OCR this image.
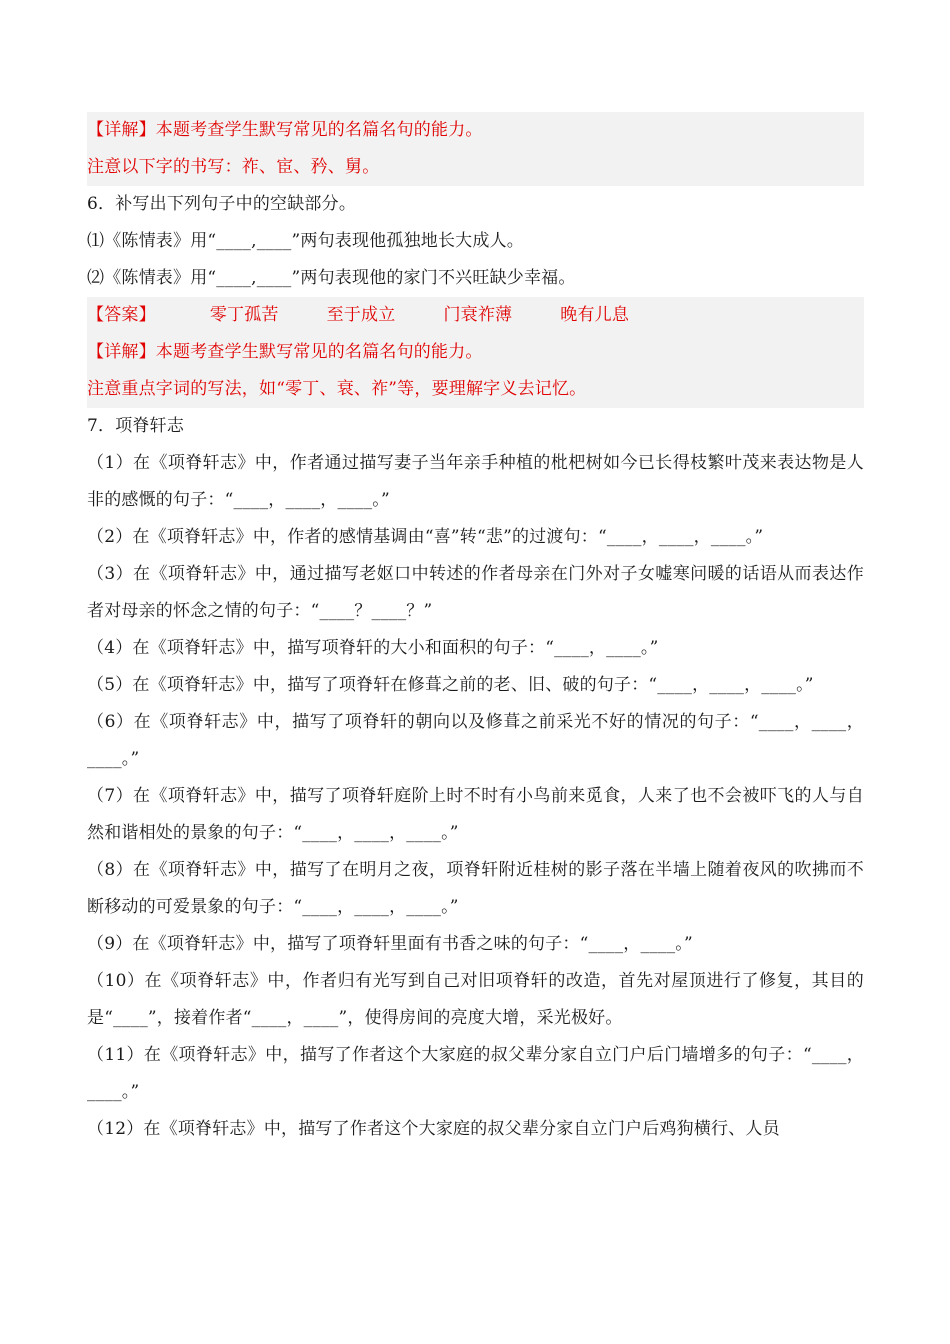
【详解】本题考查学生默写常见的名篇名句的能力。
注意以下字的书写：祚、宦、矜、舅。
6．补写出下列句子中的空缺部分。
⑴《陈情表》用“____,____”两句表现他孤独地长大成人。
⑵《陈情表》用“____,____”两句表现他的家门不兴旺缺少幸福。
【答案】	零丁孤苦	至于成立	门衰祚薄	晚有儿息
【详解】本题考查学生默写常见的名篇名句的能力。
注意重点字词的写法，如“零丁、衰、祚”等，要理解字义去记忆。
7．项脊轩志
（1）在《项脊轩志》中，作者通过描写妻子当年亲手种植的枇杷树如今已长得枝繁叶茂来表达物是人非的感慨的句子：“____，____，____。”
（2）在《项脊轩志》中，作者的感情基调由“喜”转“悲”的过渡句：“____，____，____。”
（3）在《项脊轩志》中，通过描写老妪口中转述的作者母亲在门外对子女嘘寒问暖的话语从而表达作者对母亲的怀念之情的句子：“____？____？”
（4）在《项脊轩志》中，描写项脊轩的大小和面积的句子：“____，____。”
（5）在《项脊轩志》中，描写了项脊轩在修葺之前的老、旧、破的句子：“____，____，____。”
（6）在《项脊轩志》中，描写了项脊轩的朝向以及修葺之前采光不好的情况的句子：“____，____，____。”
（7）在《项脊轩志》中，描写了项脊轩庭阶上时不时有小鸟前来觅食，人来了也不会被吓飞的人与自然和谐相处的景象的句子：“____，____，____。”
（8）在《项脊轩志》中，描写了在明月之夜，项脊轩附近桂树的影子落在半墙上随着夜风的吹拂而不断移动的可爱景象的句子：“____，____，____。”
（9）在《项脊轩志》中，描写了项脊轩里面有书香之味的句子：“____，____。”
（10）在《项脊轩志》中，作者归有光写到自己对旧项脊轩的改造，首先对屋顶进行了修复，其目的是“____”，接着作者“____，____”，使得房间的亮度大增，采光极好。
（11）在《项脊轩志》中，描写了作者这个大家庭的叔父辈分家自立门户后门墙增多的句子：“____，____。”
（12）在《项脊轩志》中，描写了作者这个大家庭的叔父辈分家自立门户后鸡狗横行、人员
